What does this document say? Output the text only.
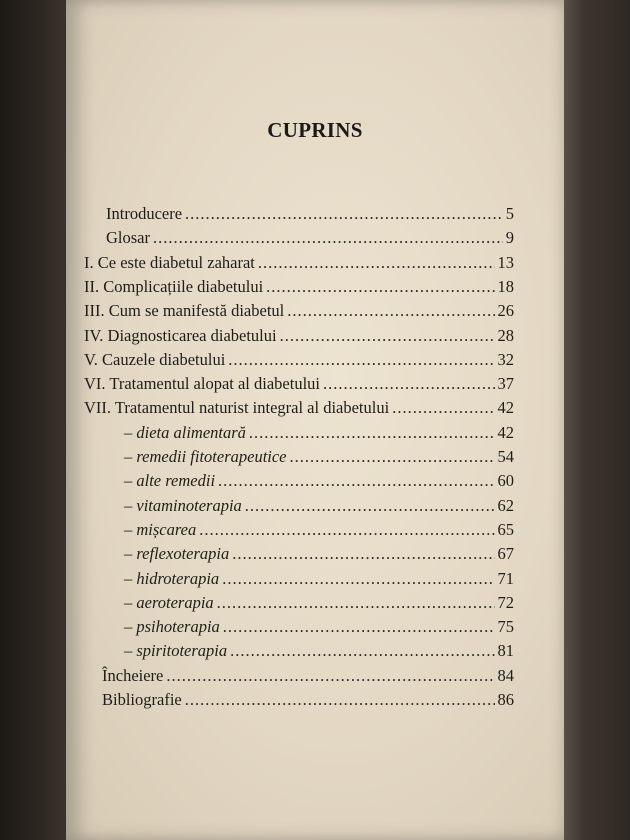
CUPRINS
Introducere .....	5
Glosar .....	9
I. Ce este diabetul zaharat .....	13
II. Complicațiile diabetului .....	18
III. Cum se manifestă diabetul .....	26
IV. Diagnosticarea diabetului .....	28
V. Cauzele diabetului .....	32
VI. Tratamentul alopat al diabetului .....	37
VII. Tratamentul naturist integral al diabetului .....	42
– dieta alimentară .....	42
– remedii fitoterapeutice .....	54
– alte remedii .....	60
– vitaminoterapia .....	62
– mișcarea .....	65
– reflexoterapia .....	67
– hidroterapia .....	71
– aeroterapia .....	72
– psihoterapia .....	75
– spiritoterapia .....	81
Încheiere .....	84
Bibliografie .....	86
